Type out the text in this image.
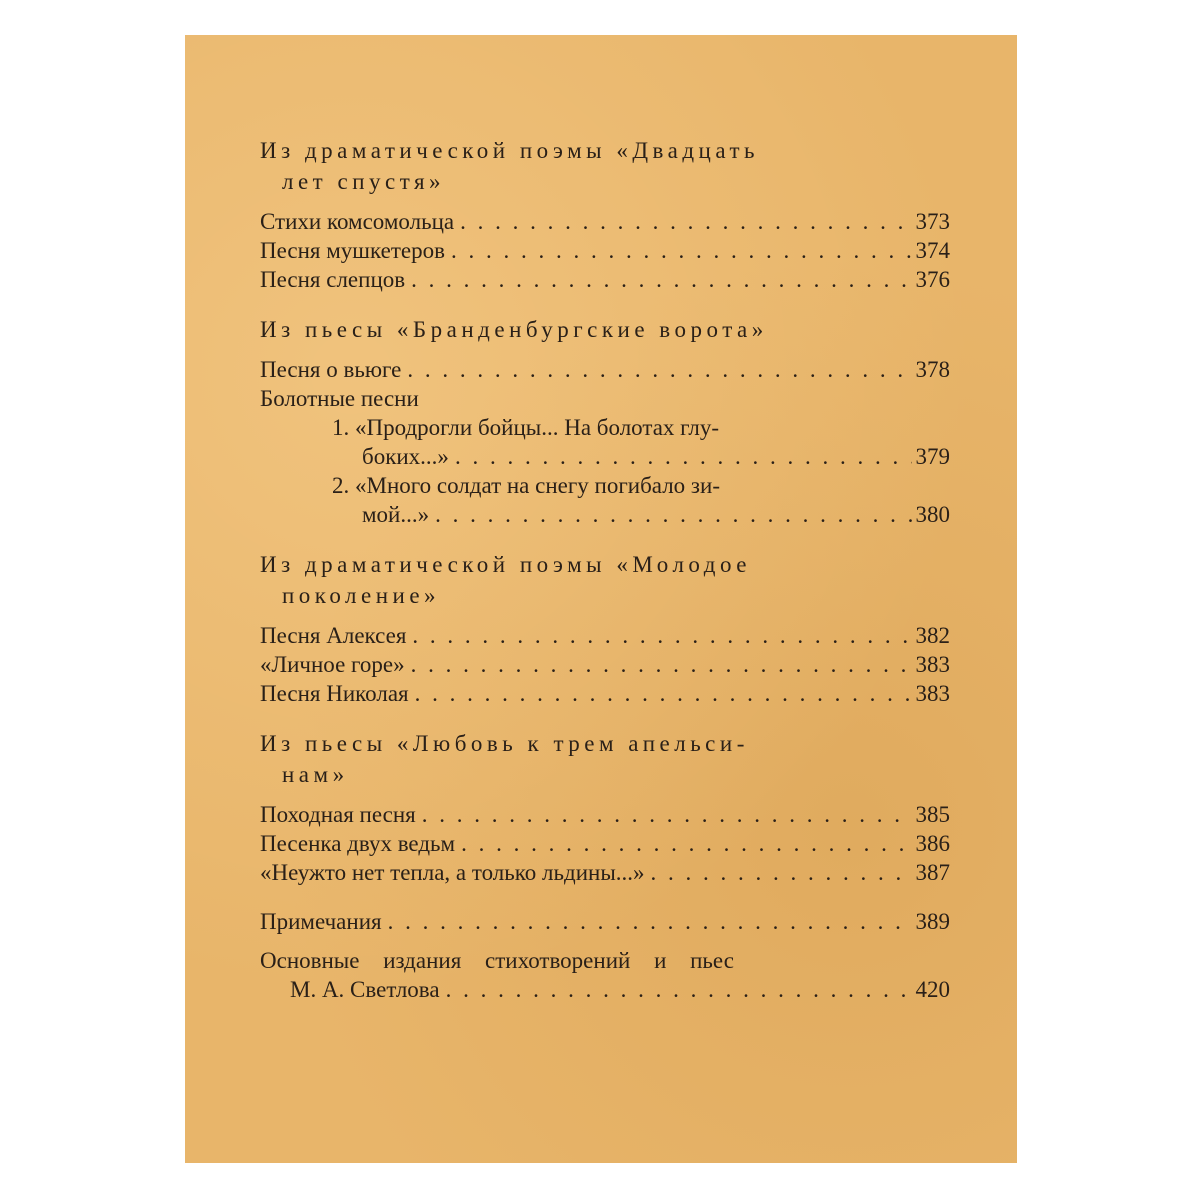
Из драматической поэмы «Двадцать
лет спустя»
Стихи комсомольца . . .	373
Песня мушкетеров . . .	374
Песня слепцов . . .	376
Из пьесы «Бранденбургские ворота»
Песня о вьюге . . .	378
Болотные песни
1. «Продрогли бойцы... На болотах глу-
боких...» . . .	379
2. «Много солдат на снегу погибало зи-
мой...» . . .	380
Из драматической поэмы «Молодое
поколение»
Песня Алексея . . .	382
«Личное горе» . . .	383
Песня Николая . . .	383
Из пьесы «Любовь к трем апельси-
нам»
Походная песня . . .	385
Песенка двух ведьм . . .	386
«Неужто нет тепла, а только льдины...» . . .	387
Примечания . . .	389
Основные издания стихотворений и пьес
М. А. Светлова . . .	420
